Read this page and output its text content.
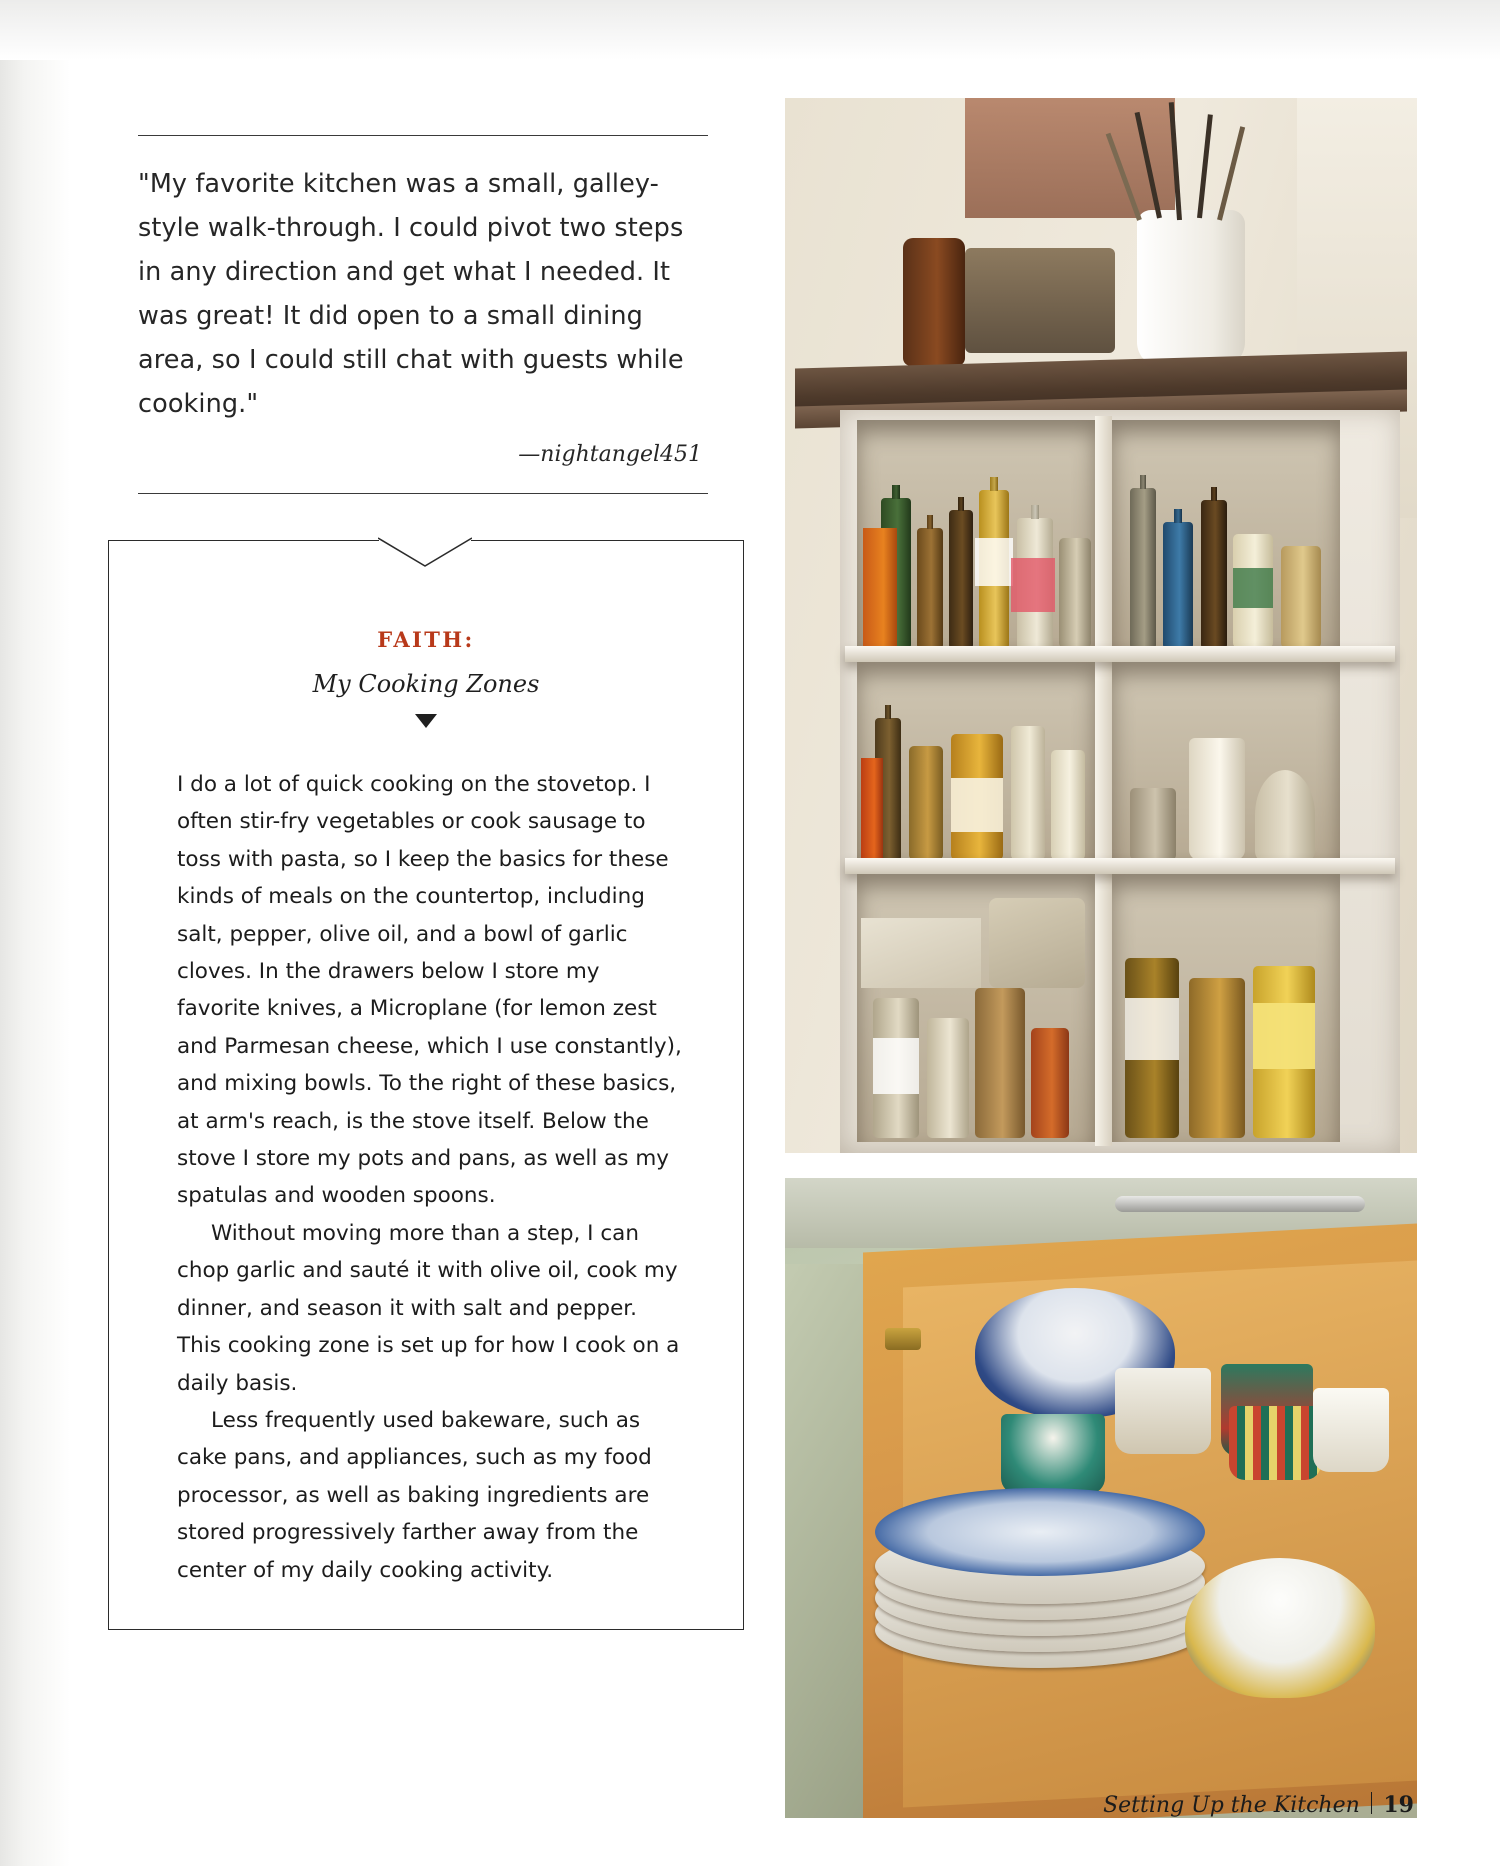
"My favorite kitchen was a small, galley-style walk-through. I could pivot two steps in any direction and get what I needed. It was great! It did open to a small dining area, so I could still chat with guests while cooking."
—nightangel451
FAITH:
My Cooking Zones

I do a lot of quick cooking on the stovetop. I often stir-fry vegetables or cook sausage to toss with pasta, so I keep the basics for these kinds of meals on the countertop, including salt, pepper, olive oil, and a bowl of garlic cloves. In the drawers below I store my favorite knives, a Microplane (for lemon zest and Parmesan cheese, which I use constantly), and mixing bowls. To the right of these basics, at arm's reach, is the stove itself. Below the stove I store my pots and pans, as well as my spatulas and wooden spoons.

Without moving more than a step, I can chop garlic and sauté it with olive oil, cook my dinner, and season it with salt and pepper. This cooking zone is set up for how I cook on a daily basis.

Less frequently used bakeware, such as cake pans, and appliances, such as my food processor, as well as baking ingredients are stored progressively farther away from the center of my daily cooking activity.

Setting Up the Kitchen 19
